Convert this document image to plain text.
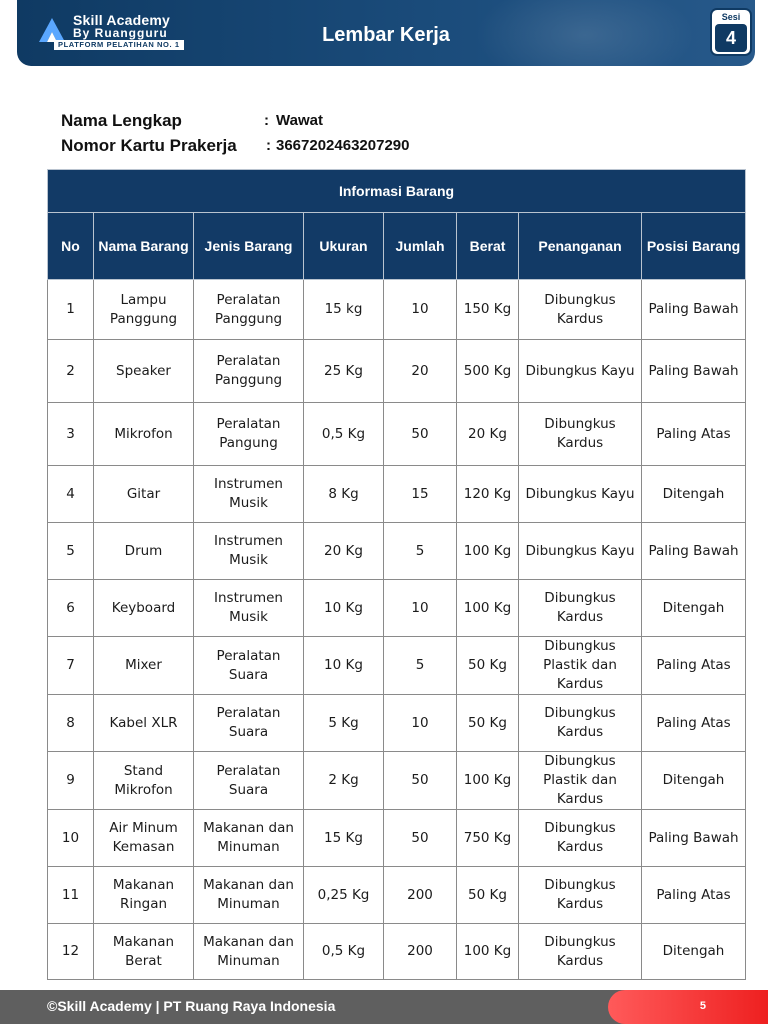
Skill Academy
By Ruangguru
PLATFORM PELATIHAN NO. 1	Lembar Kerja
Sesi
4
Nama Lengkap	: Wawat
Nomor Kartu Prakerja : 3667202463207290
Informasi Barang							
No	Nama Barang	Jenis Barang	Ukuran	Jumlah	Berat	Penanganan	Posisi Barang
1	Lampu Panggung	Peralatan Panggung	15 kg	10	150 Kg	Dibungkus Kardus	Paling Bawah
2	Speaker	Peralatan Panggung	25 Kg	20	500 Kg	Dibungkus Kayu	Paling Bawah
3	Mikrofon	Peralatan Pangung	0,5 Kg	50	20 Kg	Dibungkus Kardus	Paling Atas
4	Gitar	Instrumen Musik	8 Kg	15	120 Kg	Dibungkus Kayu	Ditengah
5	Drum	Instrumen Musik	20 Kg	5	100 Kg	Dibungkus Kayu	Paling Bawah
6	Keyboard	Instrumen Musik	10 Kg	10	100 Kg	Dibungkus Kardus	Ditengah
7	Mixer	Peralatan Suara	10 Kg	5	50 Kg	Dibungkus Plastik dan Kardus	Paling Atas
8	Kabel XLR	Peralatan Suara	5 Kg	10	50 Kg	Dibungkus Kardus	Paling Atas
9	Stand Mikrofon	Peralatan Suara	2 Kg	50	100 Kg	Dibungkus Plastik dan Kardus	Ditengah
10	Air Minum Kemasan	Makanan dan Minuman	15 Kg	50	750 Kg	Dibungkus Kardus	Paling Bawah
11	Makanan Ringan	Makanan dan Minuman	0,25 Kg	200	50 Kg	Dibungkus Kardus	Paling Atas
12	Makanan Berat	Makanan dan Minuman	0,5 Kg	200	100 Kg	Dibungkus Kardus	Ditengah
©Skill Academy | PT Ruang Raya Indonesia	5
